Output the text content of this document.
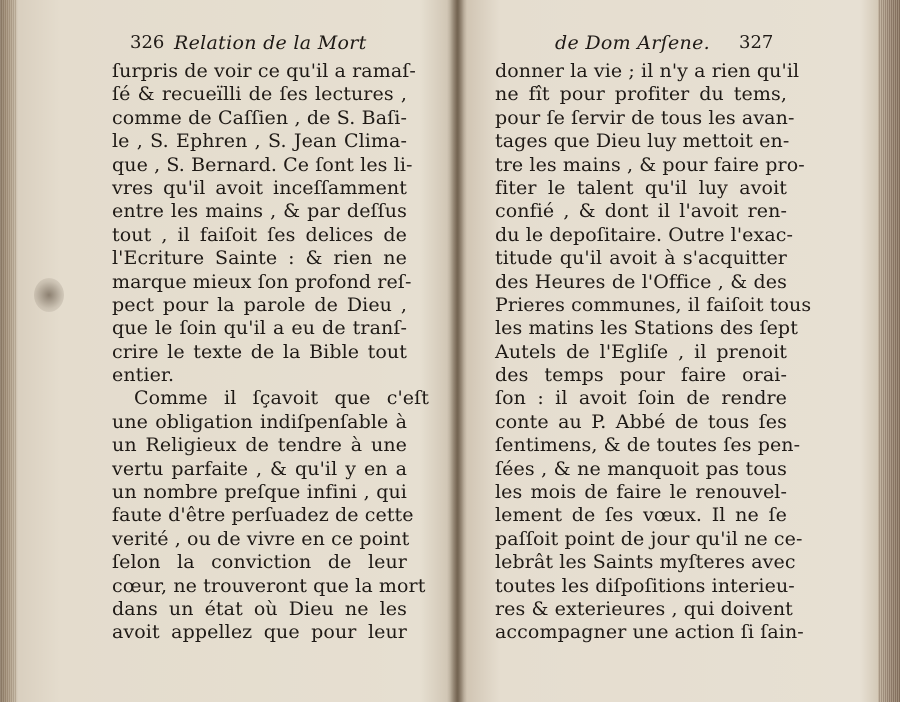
326 Relation de la Mort
ſurpris de voir ce qu'il a ramaſ-
ſé & recueïlli de ſes lectures ,
comme de Caſſien , de S. Baſi-
le , S. Ephren , S. Jean Clima-
que , S. Bernard. Ce ſont les li-
vres qu'il avoit inceſſamment
entre les mains , & par deſſus
tout , il faiſoit ſes delices de
l'Ecriture Sainte : & rien ne
marque mieux ſon profond reſ-
pect pour la parole de Dieu ,
que le ſoin qu'il a eu de tranſ-
crire le texte de la Bible tout
entier.
Comme il ſçavoit que c'eſt
une obligation indiſpenſable à
un Religieux de tendre à une
vertu parfaite , & qu'il y en a
un nombre preſque infini , qui
faute d'être perſuadez de cette
verité , ou de vivre en ce point
ſelon la conviction de leur
cœur, ne trouveront que la mort
dans un état où Dieu ne les
avoit appellez que pour leur
de Dom Arſene. 327
donner la vie ; il n'y a rien qu'il
ne fît pour profiter du tems,
pour ſe ſervir de tous les avan-
tages que Dieu luy mettoit en-
tre les mains , & pour faire pro-
fiter le talent qu'il luy avoit
confié , & dont il l'avoit ren-
du le depoſitaire. Outre l'exac-
titude qu'il avoit à s'acquitter
des Heures de l'Office , & des
Prieres communes, il faiſoit tous
les matins les Stations des ſept
Autels de l'Egliſe , il prenoit
des temps pour faire orai-
ſon : il avoit ſoin de rendre
conte au P. Abbé de tous ſes
ſentimens, & de toutes ſes pen-
ſées , & ne manquoit pas tous
les mois de faire le renouvel-
lement de ſes vœux. Il ne ſe
paſſoit point de jour qu'il ne ce-
lebrât les Saints myſteres avec
toutes les diſpoſitions interieu-
res & exterieures , qui doivent
accompagner une action ſi ſain-
